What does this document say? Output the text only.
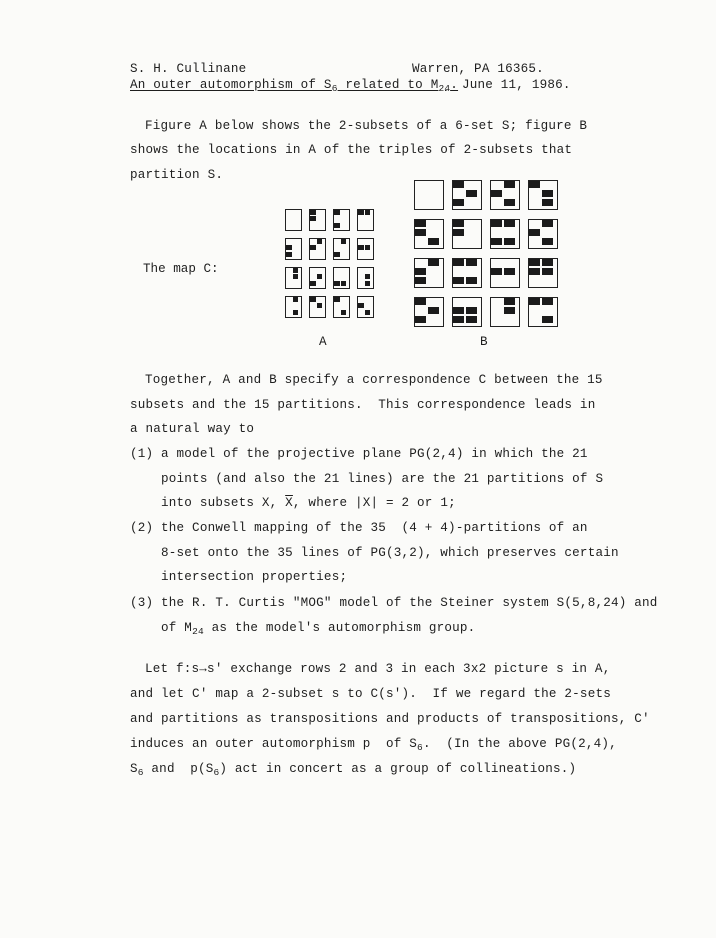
S. H. Cullinane	Warren, PA 16365.
An outer automorphism of $S_6$ related to $M_{24}$. June 11, 1986.
Figure A below shows the 2-subsets of a 6-set S; figure B
shows the locations in A of the triples of 2-subsets that
partition S.
The map C:
A	B
Together, A and B specify a correspondence C between the 15
subsets and the 15 partitions.  This correspondence leads in
a natural way to
(1) a model of the projective plane PG(2,4) in which the 21
points (and also the 21 lines) are the 21 partitions of S
into subsets X, $\overline{X}$, where |X| = 2 or 1;
(2) the Conwell mapping of the 35  (4 + 4)-partitions of an
8-set onto the 35 lines of PG(3,2), which preserves certain
intersection properties;
(3) the R. T. Curtis "MOG" model of the Steiner system S(5,8,24) and
of $M_{24}$ as the model's automorphism group.
Let f:s→s' exchange rows 2 and 3 in each 3x2 picture s in A,
and let C' map a 2-subset s to C(s').  If we regard the 2-sets
and partitions as transpositions and products of transpositions, C'
induces an outer automorphism p  of $S_6$.  (In the above PG(2,4),
$S_6$ and  $p(S_6)$ act in concert as a group of collineations.)
